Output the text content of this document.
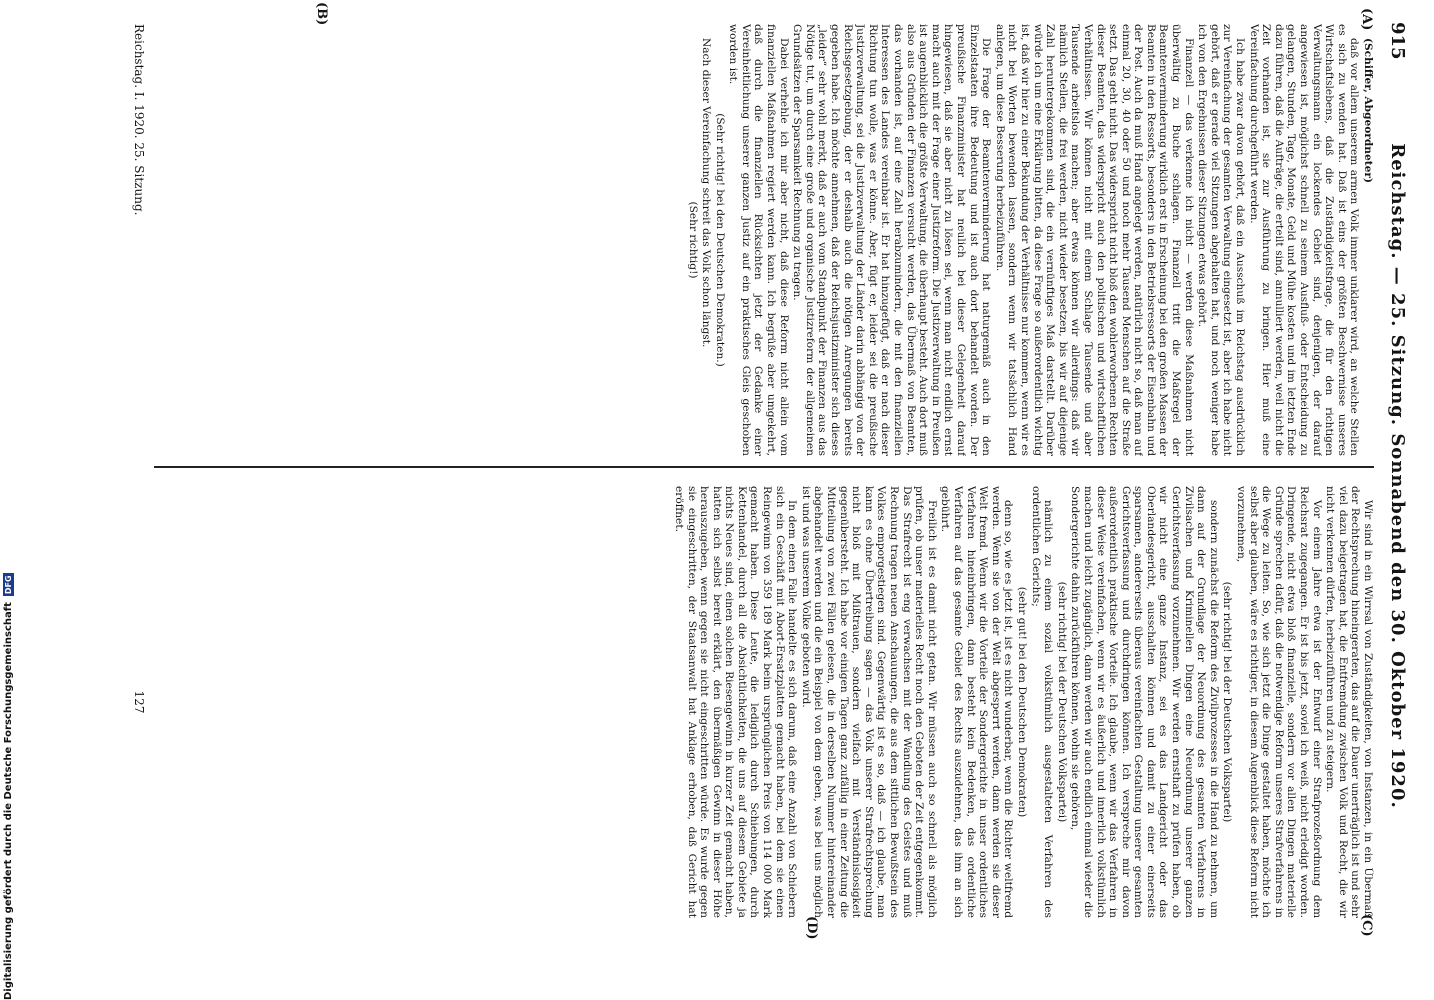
915
Reichstag. — 25. Sitzung. Sonnabend den 30. Oktober 1920.
(A)
(B)
(C)
(D)

(Schiffer, Abgeordneter)

daß vor allem unserem armen Volk immer unklarer wird, an welche Stellen es sich zu wenden hat. Daß ist eins der größten Beschwernisse unseres Wirtschaftslebens, daß die Zuständigkeitsfrage, die für den richtigen Verwaltungsmann ein lockendes Gebiet sind, denjenigen, der darauf angewiesen ist, möglichst schnell zu seinem Ausfluß- oder Entscheidung zu gelangen, Stunden, Tage, Monate, Geld und Mühe kosten und im letzten Ende dazu führen, daß die Aufträge, die erteilt sind, annulliert werden, weil nicht die Zeit vorhanden ist, sie zur Ausführung zu bringen. Hier muß eine Vereinfachung durchgeführt werden.

Ich habe zwar davon gehört, daß ein Ausschuß im Reichstag ausdrücklich zur Vereinfachung der gesamten Verwaltung eingesetzt ist, aber ich habe nicht gehört, daß er gerade viel Sitzungen abgehalten hat, und noch weniger habe ich von den Ergebnissen dieser Sitzungen etwas gehört.

Finanzell — das verkenne ich nicht — werden diese Maßnahmen nicht überwältig zu Buche schlagen. Finanzell tritt die Maßregel der Beamtenverminderung wirklich erst in Erscheinung bei den großen Massen der Beamten in den Ressorts, besonders in den Betriebsressorts der Eisenbahn und der Post. Auch da muß Hand angelegt werden, natürlich nicht so, daß man auf einmal 20, 30, 40 oder 50 und noch mehr Tausend Menschen auf die Straße setzt. Das geht nicht. Das widerspricht nicht bloß den wohlerworbenen Rechten dieser Beamten, das widerspricht auch den politischen und wirtschaftlichen Verhältnissen. Wir können nicht mit einem Schlage Tausende und aber Tausende arbeitslos machen; aber etwas können wir allerdings: daß wir nämlich Stellen, die frei werden, nicht wieder besetzen, bis wir auf diejenige Zahl heruntergekommen sind, die ein vernünftiges Maß darstellt. Darüber würde ich um eine Erklärung bitten, da diese Frage so außerordentlich wichtig ist, daß wir hier zu einer Bekundung der Verhältnisse nur kommen, wenn wir es nicht bei Worten bewenden lassen, sondern wenn wir tatsächlich Hand anlegen, um diese Besserung herbeizuführen.

Die Frage der Beamtenverminderung hat naturgemäß auch in den Einzelstaaten ihre Bedeutung und ist auch dort behandelt worden. Der preußische Finanzminister hat neulich bei dieser Gelegenheit darauf hingewiesen, daß sie aber nicht zu lösen sei, wenn man nicht endlich ernst macht auch mit der Frage einer Justizreform. Die Justizverwaltung in Preußen ist augenblicklich die größte Verwaltung, die überhaupt besteht. Auch dort muß also aus Gründen der Finanzen versucht werden, das Übermaß von Beamten, das vorhanden ist, auf eine Zahl herabzumindern, die mit den finanziellen Interessen des Landes vereinbar ist. Er hat hinzugefügt, daß er nach dieser Richtung tun wolle, was er könne. Aber, fügt er, leider sei die preußische Justizverwaltung, sei die Justizverwaltung der Länder darin abhängig von der Reichsgesetzgebung, der er deshalb auch die nötigen Anregungen bereits gegeben habe. Ich möchte annehmen, daß der Reichsjustizminister sich dieses „leider“ sehr wohl merkt, daß er auch vom Standpunkt der Finanzen aus das Nötige tut, um durch eine große und organische Justizreform der allgemeinen Grundsätzen der Sparsamkeit Rechnung zu tragen.

Dabei verhehle ich mir aber nicht, daß diese Reform nicht allein vom finanziellen Maßnahmen regiert werden kann. Ich begrüße aber umgekehrt, daß durch die finanziellen Rücksichten jetzt der Gedanke einer Vereinheitlichung unserer ganzen Justiz auf ein praktisches Gleis geschoben worden ist.

(Sehr richtig! bei den Deutschen Demokraten.)

Nach dieser Vereinfachung schreit das Volk schon längst.

(Sehr richtig!)

Wir sind in ein Wirrsal von Zuständigkeiten, von Instanzen, in ein Übermaß der Rechtsprechung hineingeraten, das auf die Dauer unerträglich ist und sehr viel dazu beigetragen hat, die Entfremdung zwischen Volk und Recht, die wir nicht verkennen dürfen, herbeizuführen und zu steigern.

Vor einem Jahre etwa ist der Entwurf einer Strafprozeßordnung dem Reichsrat zugegangen. Er ist bis jetzt, soviel ich weiß, nicht erledigt worden. Dringende, nicht etwa bloß finanzielle, sondern vor allen Dingen materielle Gründe sprechen dafür, daß die notwendige Reform unseres Strafverfahrens in die Wege zu leiten. So, wie sich jetzt die Dinge gestaltet haben, möchte ich selbst aber glauben, wäre es richtiger, in diesem Augenblick diese Reform nicht vorzunehmen,

(sehr richtig! bei der Deutschen Volkspartei)

sondern zunächst die Reform des Zivilprozesses in die Hand zu nehmen, um dann auf der Grundlage der Neuordnung des gesamten Verfahrens in Zivilsachen und Kriminellen Dingen eine Neuordnung unserer ganzen Gerichtsverfassung vorzunehmen. Wir werden ernsthaft zu prüfen haben, ob wir nicht eine ganze Instanz, sei es das Landgericht oder das Oberlandesgericht, ausschalten können und damit zu einer einerseits sparsamen, andererseits überaus vereinfachten Gestaltung unserer gesamten Gerichtsverfassung und durchdringen können. Ich verspreche mir davon außerordentlich praktische Vorteile. Ich glaube, wenn wir das Verfahren in dieser Weise vereinfachen, wenn wir es äußerlich und innerlich volkstümlich machen und leicht zugänglich, dann werden wir auch endlich einmal wieder die Sondergerichte dahin zurückführen können, wohin sie gehören,

(sehr richtig! bei der Deutschen Volkspartei)

nämlich zu einem sozial volkstümlich ausgestalteten Verfahren des ordentlichen Gerichts;

(sehr gut! bei den Deutschen Demokraten)

denn so, wie es jetzt ist, ist es nicht wunderbar, wenn die Richter weltfremd werden. Wenn sie von der Welt abgesperrt werden, dann werden sie dieser Welt fremd. Wenn wir die Vorteile der Sondergerichte in unser ordentliches Verfahren hineinbringen, dann besteht kein Bedenken, das ordentliche Verfahren auf das gesamte Gebiet des Rechts auszudehnen, das ihm an sich gebührt.

Freilich ist es damit nicht getan. Wir müssen auch so schnell als möglich prüfen, ob unser materielles Recht noch den Geboten der Zeit entgegenkommt. Das Strafrecht ist eng verwachsen mit der Wandlung des Geistes und muß Rechnung tragen neuen Anschauungen, die aus dem sittlichen Bewußtsein des Volkes emporgestiegen sind. Gegenwärtig ist es so, daß — ich glaube, man kann es ohne Übertreibung sagen — das Volk unserer Strafrechtsprechung nicht bloß mit Mißtrauen, sondern vielfach mit Verständnislosigkeit gegenübersteht. Ich habe vor einigen Tagen ganz zufällig in einer Zeitung die Mitteilung von zwei Fällen gelesen, die in derselben Nummer hintereinander abgehandelt werden und die ein Beispiel von dem geben, was bei uns möglich ist und was unserem Volke geboten wird.

In dem einen Falle handelte es sich darum, daß eine Anzahl von Schiebern sich ein Geschäft mit Abort-Ersatzplatten gemacht haben, bei dem sie einen Reingewinn von 359 189 Mark beim ursprünglichen Preis von 114 000 Mark gemacht haben. Diese Leute, die lediglich durch Schiebungen, durch Kettenhandel, durch all die Absichtlichkeiten, die uns auf diesem Gebiete ja nichts Neues sind, einen solchen Riesengewinn in kurzer Zeit gemacht haben, hatten sich selbst bereit erklärt, den übermäßigen Gewinn in dieser Höhe herauszugeben, wenn gegen sie nicht eingeschritten würde. Es wurde gegen sie eingeschritten, der Staatsanwalt hat Anklage erhoben, daß Gericht hat eröffnet.

Reichstag. I. 1920. 25. Sitzung.
127
Digitalisierung gefördert durch die Deutsche Forschungsgemeinschaft
DFG
